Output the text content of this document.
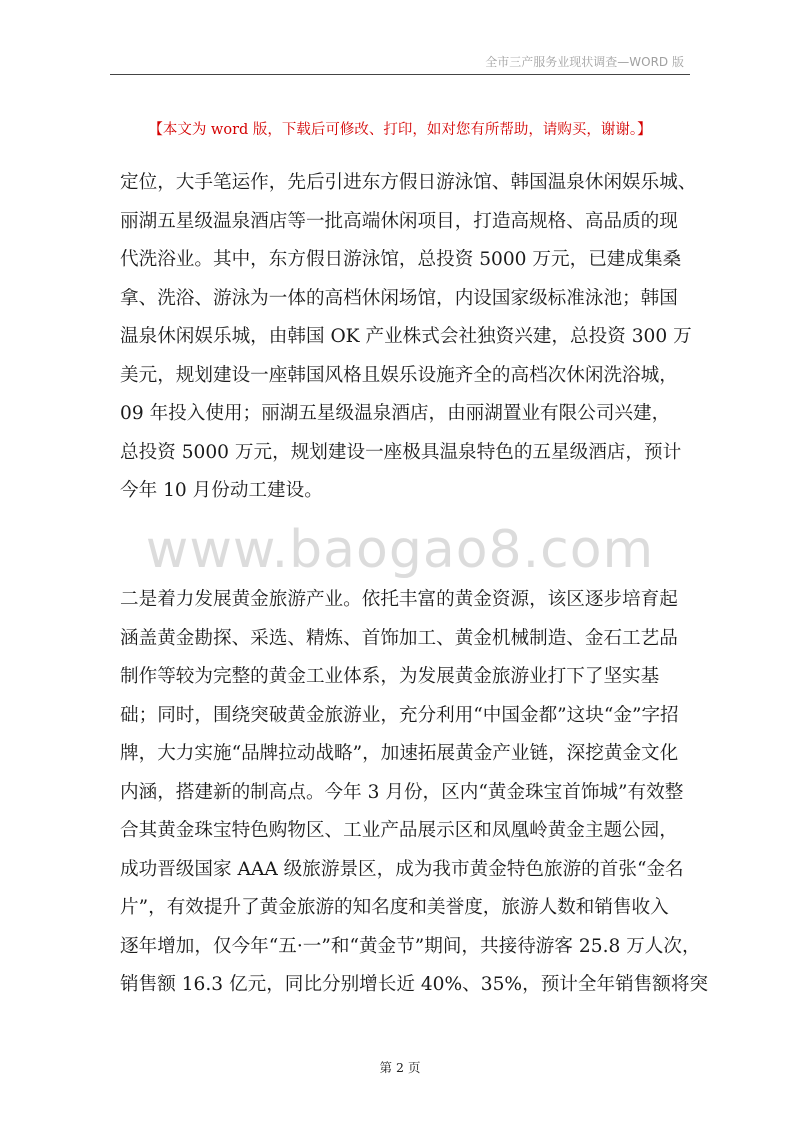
全市三产服务业现状调查—WORD 版
【本文为 word 版，下载后可修改、打印，如对您有所帮助，请购买，谢谢。】
定位，大手笔运作，先后引进东方假日游泳馆、韩国温泉休闲娱乐城、
丽湖五星级温泉酒店等一批高端休闲项目，打造高规格、高品质的现
代洗浴业。其中，东方假日游泳馆，总投资 5000 万元，已建成集桑
拿、洗浴、游泳为一体的高档休闲场馆，内设国家级标准泳池；韩国
温泉休闲娱乐城，由韩国 OK 产业株式会社独资兴建，总投资 300 万
美元，规划建设一座韩国风格且娱乐设施齐全的高档次休闲洗浴城，
09 年投入使用；丽湖五星级温泉酒店，由丽湖置业有限公司兴建，
总投资 5000 万元，规划建设一座极具温泉特色的五星级酒店，预计
今年 10 月份动工建设。
www.baogao8.com
二是着力发展黄金旅游产业。依托丰富的黄金资源，该区逐步培育起
涵盖黄金勘探、采选、精炼、首饰加工、黄金机械制造、金石工艺品
制作等较为完整的黄金工业体系，为发展黄金旅游业打下了坚实基
础；同时，围绕突破黄金旅游业，充分利用“中国金都”这块“金”字招
牌，大力实施“品牌拉动战略”，加速拓展黄金产业链，深挖黄金文化
内涵，搭建新的制高点。今年 3 月份，区内“黄金珠宝首饰城”有效整
合其黄金珠宝特色购物区、工业产品展示区和凤凰岭黄金主题公园，
成功晋级国家 AAA 级旅游景区，成为我市黄金特色旅游的首张“金名
片”，有效提升了黄金旅游的知名度和美誉度，旅游人数和销售收入
逐年增加，仅今年“五·一”和“黄金节”期间，共接待游客 25.8 万人次，
销售额 16.3 亿元，同比分别增长近 40%、35%，预计全年销售额将突
第 2 页
